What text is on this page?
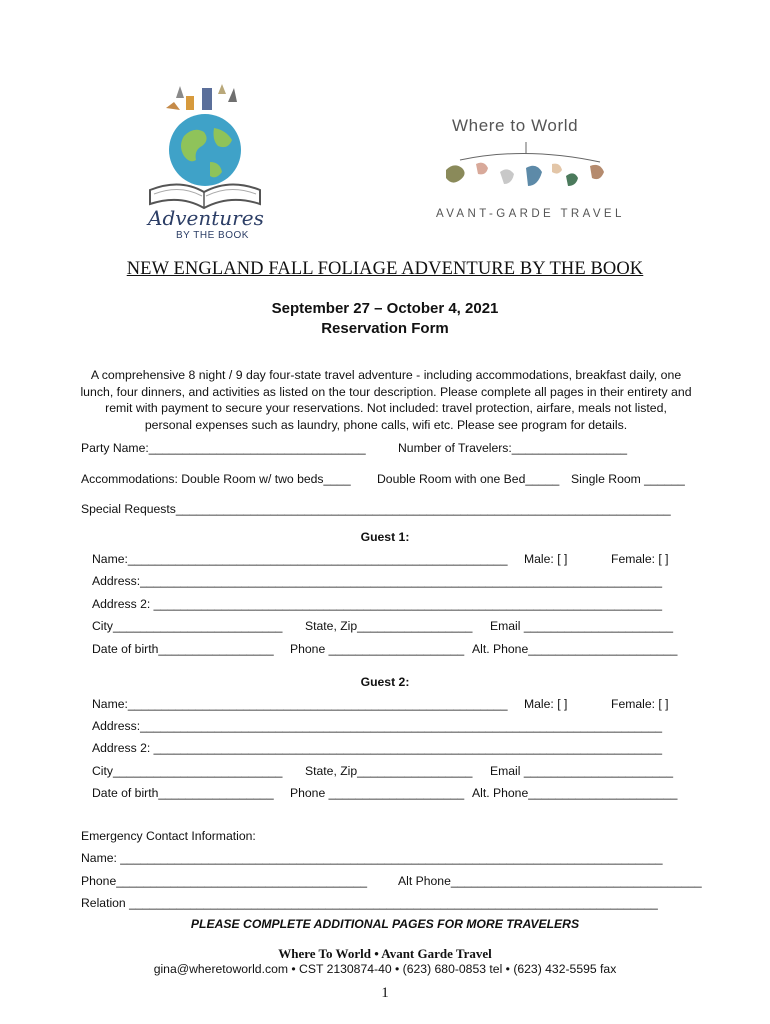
Adventures
BY THE BOOK
Where to World
AVANT-GARDE TRAVEL
NEW ENGLAND FALL FOLIAGE ADVENTURE BY THE BOOK
September 27 – October 4, 2021
Reservation Form
A comprehensive 8 night / 9 day four-state travel adventure - including accommodations, breakfast daily, one lunch, four dinners, and activities as listed on the tour description. Please complete all pages in their entirety and remit with payment to secure your reservations. Not included: travel protection, airfare, meals not listed, personal expenses such as laundry, phone calls, wifi etc. Please see program for details.
Party Name:________________________________	Number of Travelers:_________________
Accommodations: Double Room w/ two beds____ Double Room with one Bed_____ Single Room ______
Special Requests_________________________________________________________________________
Guest 1:
Name:________________________________________________________ Male: [ ]	Female: [ ]
Address:_____________________________________________________________________________
Address 2: ___________________________________________________________________________
City_________________________ State, Zip_________________ Email ______________________
Date of birth_________________ Phone ____________________ Alt. Phone______________________
Guest 2:
Name:________________________________________________________ Male: [ ]	Female: [ ]
Address:_____________________________________________________________________________
Address 2: ___________________________________________________________________________
City_________________________ State, Zip_________________ Email ______________________
Date of birth_________________ Phone ____________________ Alt. Phone______________________
Emergency Contact Information:
Name: ________________________________________________________________________________
Phone_____________________________________	Alt Phone_____________________________________
Relation ______________________________________________________________________________
PLEASE COMPLETE ADDITIONAL PAGES FOR MORE TRAVELERS
Where To World • Avant Garde Travel
gina@wheretoworld.com • CST 2130874-40 • (623) 680-0853 tel • (623) 432-5595 fax
1
